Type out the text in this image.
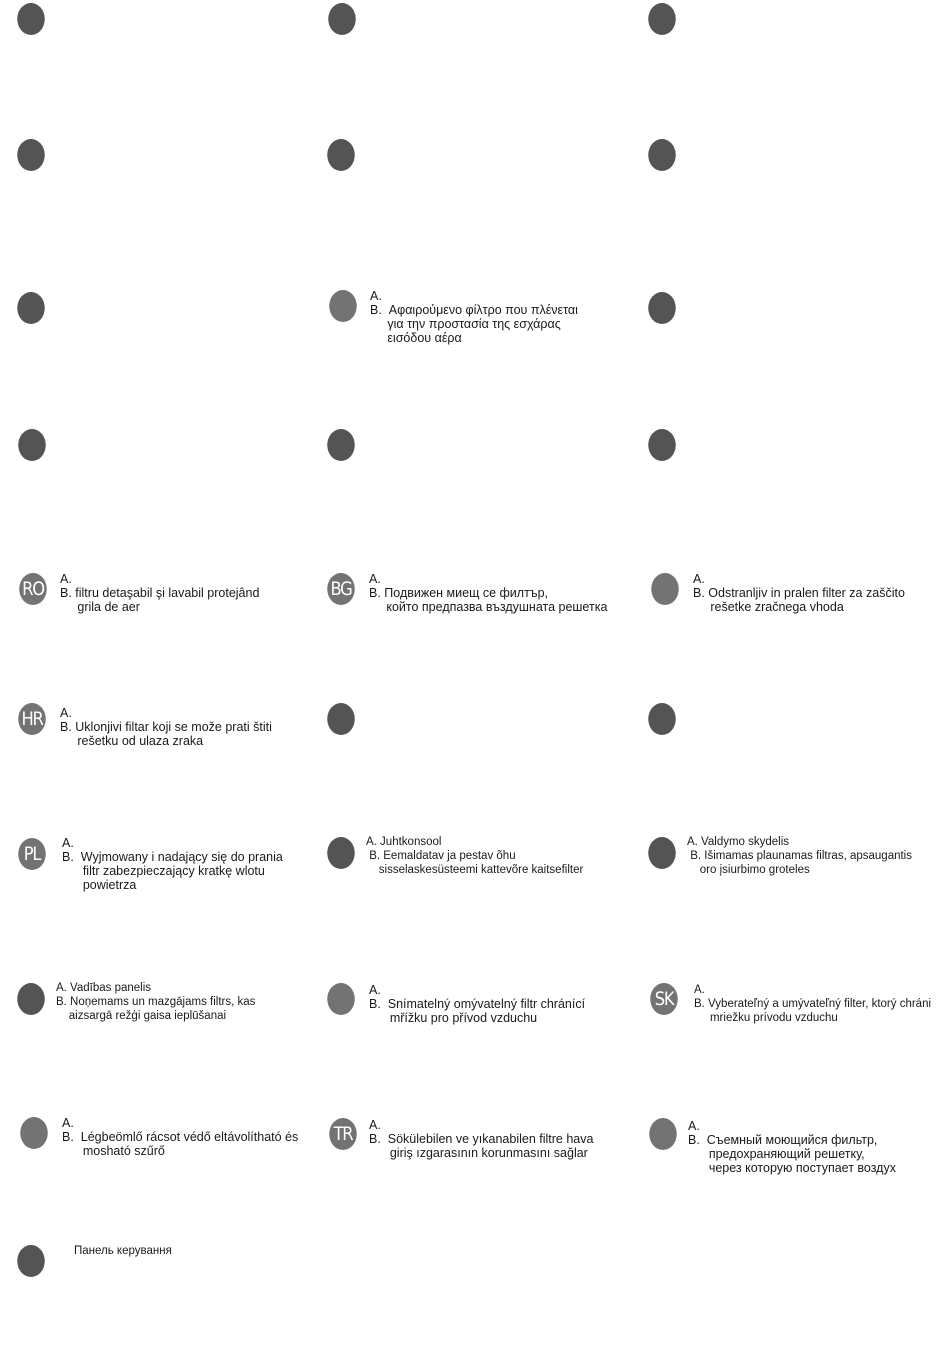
A.
B.  Αφαιρούμενο φίλτρο που πλένεται
για την προστασία της εσχάρας
εισόδου αέρα
RO A.
B. filtru detaşabil şi lavabil protejând
grila de aer
BG A.
B. Подвижен миещ се филтър,
който предпазва въздушната решетка
A.
B. Odstranljiv in pralen filter za zaščito
rešetke zračnega vhoda
HR A.
B. Uklonjivi filtar koji se može prati štiti
rešetku od ulaza zraka
PL	A.
B.  Wyjmowany i nadający się do prania
filtr zabezpieczający kratkę wlotu
powietrza
A. Juhtkonsool
B. Eemaldatav ja pestav õhu
sisselaskesüsteemi kattevõre kaitsefilter
A. Valdymo skydelis
B. Išimamas plaunamas filtras, apsaugantis
oro įsiurbimo groteles
A. Vadības panelis
B. Noņemams un mazgājams filtrs, kas
aizsargā režģi gaisa ieplūšanai
A.
B.  Snímatelný omývatelný filtr chránící
mřížku pro přívod vzduchu
SK	A.
B. Vyberateľný a umývateľný filter, ktorý chráni
mriežku prívodu vzduchu
A.
B.  Légbeömlő rácsot védő eltávolítható és
mosható szűrő
TR	A.
B.  Sökülebilen ve yıkanabilen filtre hava
giriş ızgarasının korunmasını sağlar
A.
B.  Съемный моющийся фильтр,
предохраняющий решетку,
через которую поступает воздух
Панель керування
